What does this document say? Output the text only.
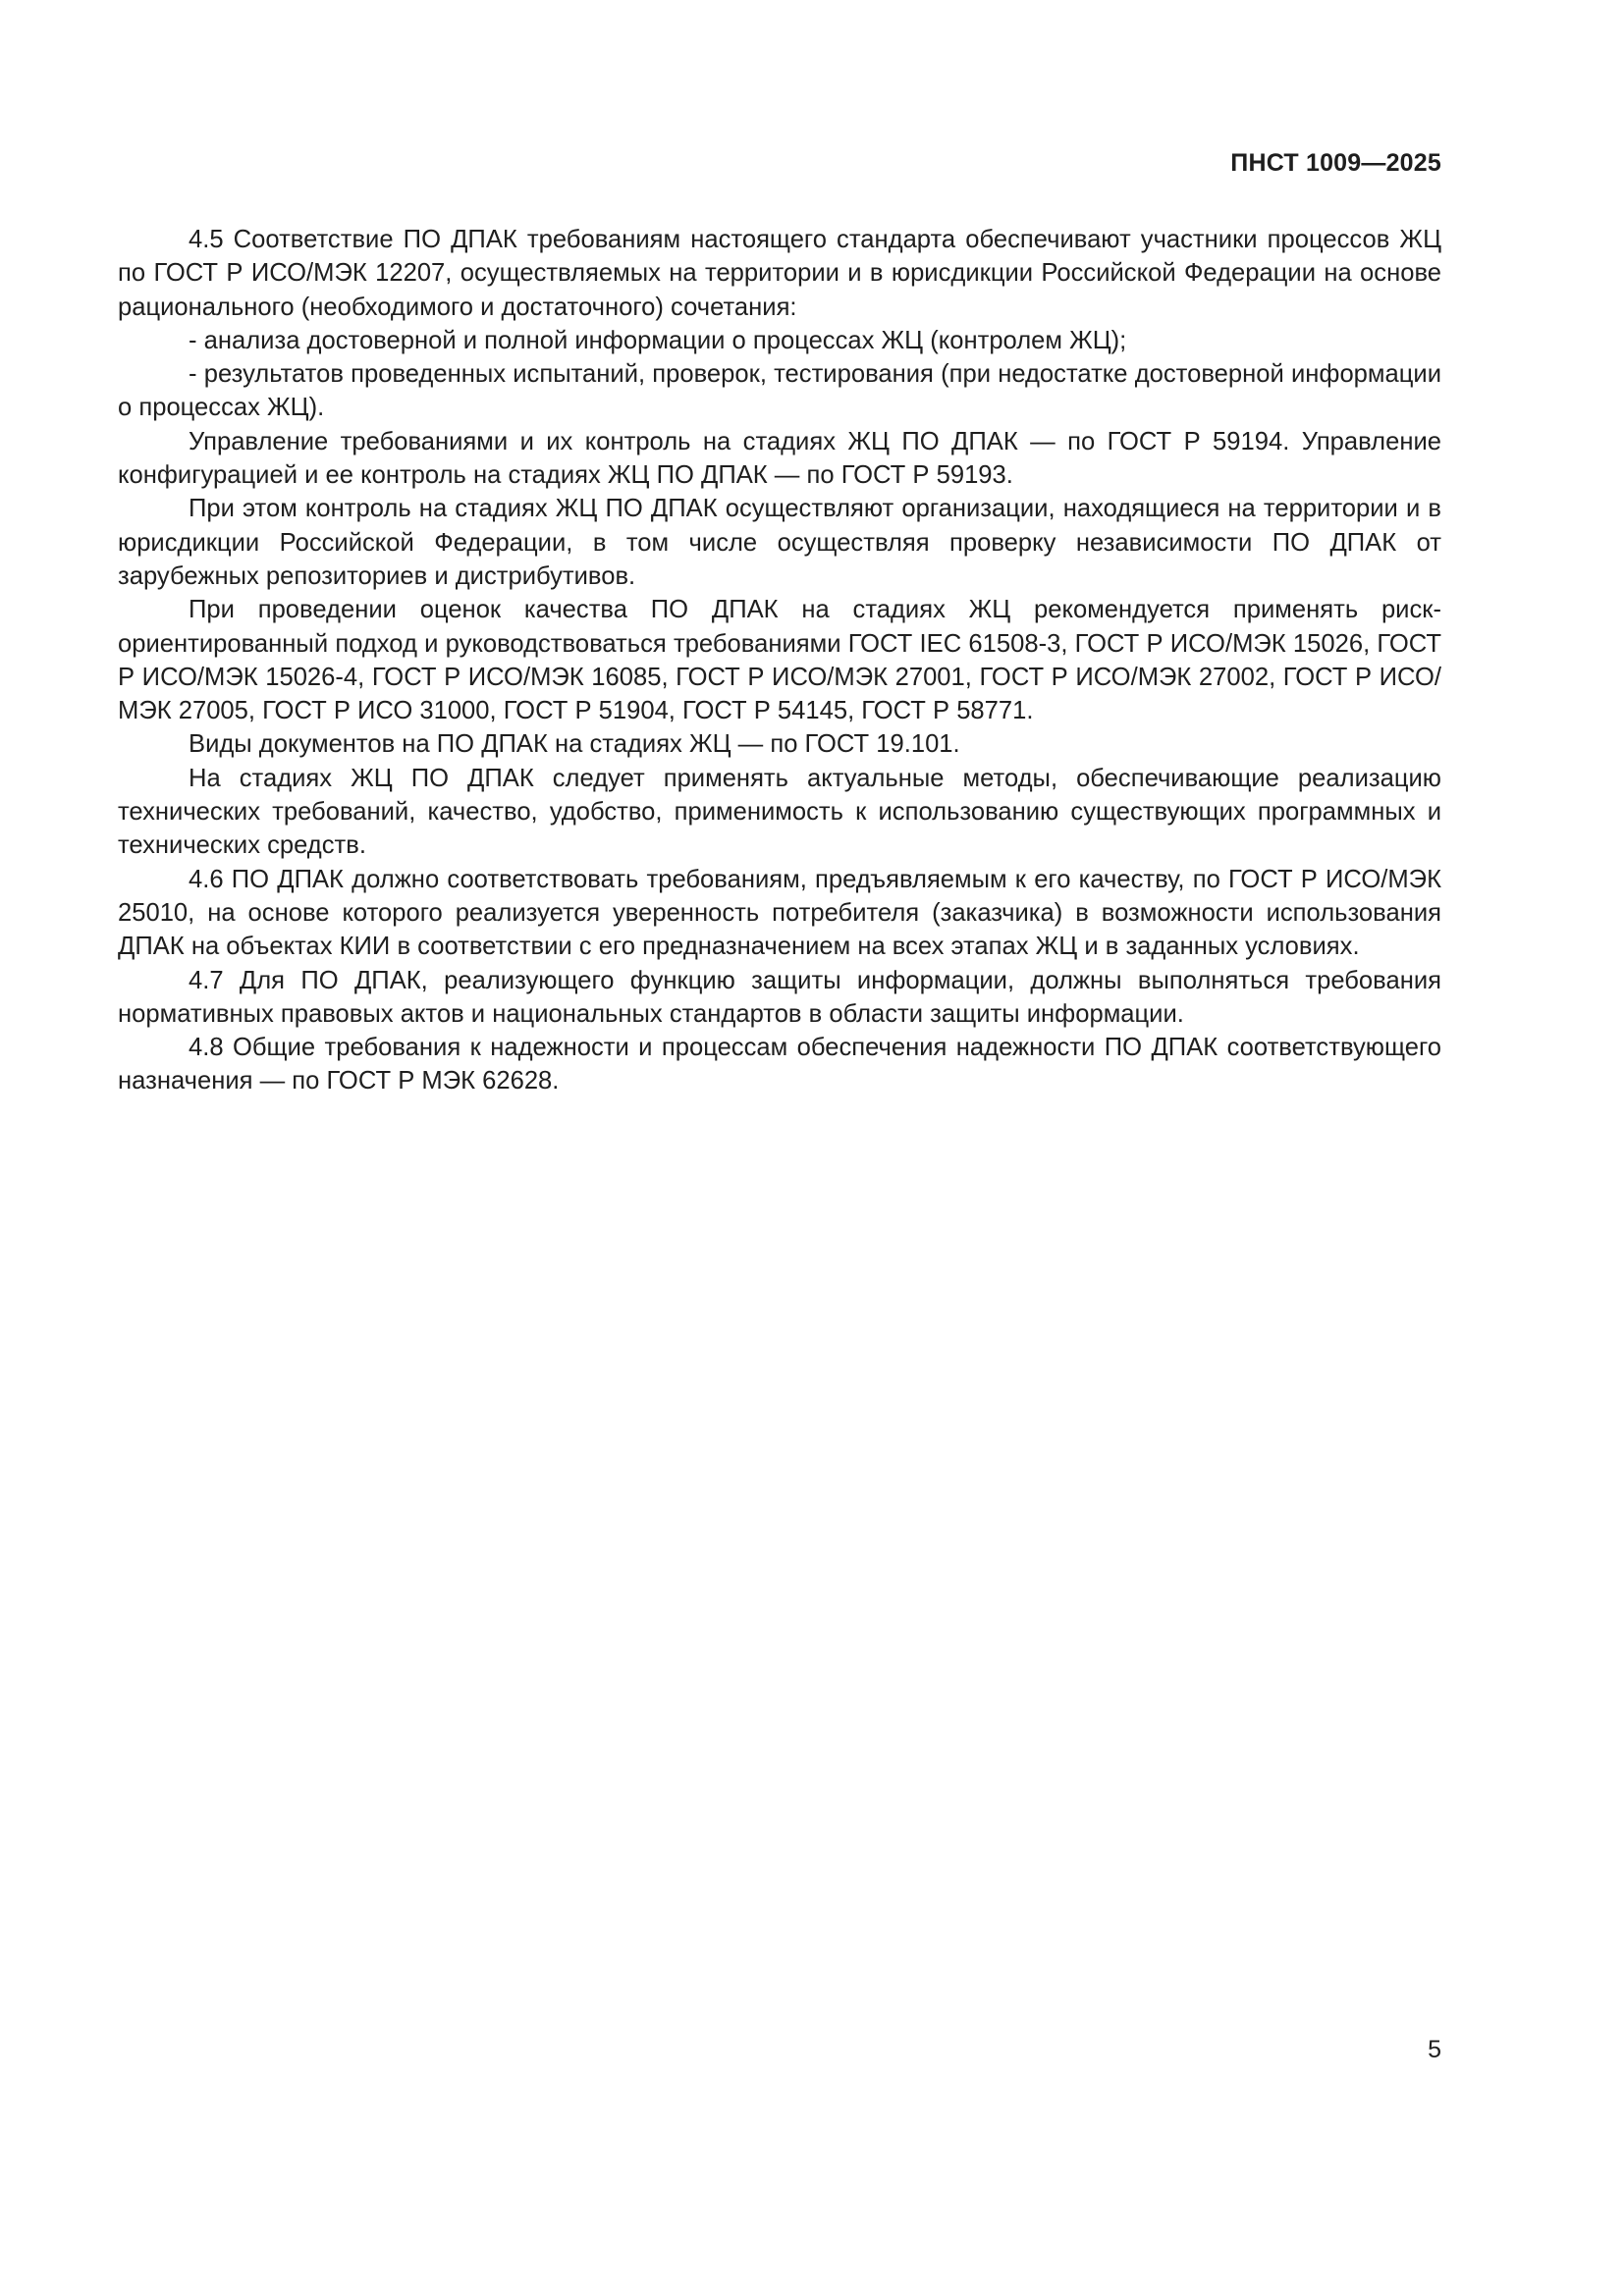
ПНСТ 1009—2025

4.5 Соответствие ПО ДПАК требованиям настоящего стандарта обеспечивают участники процессов ЖЦ по ГОСТ Р ИСО/МЭК 12207, осуществляемых на территории и в юрисдикции Российской Федерации на основе рационального (необходимого и достаточного) сочетания:

- анализа достоверной и полной информации о процессах ЖЦ (контролем ЖЦ);

- результатов проведенных испытаний, проверок, тестирования (при недостатке достоверной информации о процессах ЖЦ).

Управление требованиями и их контроль на стадиях ЖЦ ПО ДПАК — по ГОСТ Р 59194. Управление конфигурацией и ее контроль на стадиях ЖЦ ПО ДПАК — по ГОСТ Р 59193.

При этом контроль на стадиях ЖЦ ПО ДПАК осуществляют организации, находящиеся на территории и в юрисдикции Российской Федерации, в том числе осуществляя проверку независимости ПО ДПАК от зарубежных репозиториев и дистрибутивов.

При проведении оценок качества ПО ДПАК на стадиях ЖЦ рекомендуется применять риск-ориентированный подход и руководствоваться требованиями ГОСТ IEC 61508-3, ГОСТ Р ИСО/МЭК 15026, ГОСТ Р ИСО/МЭК 15026-4, ГОСТ Р ИСО/МЭК 16085, ГОСТ Р ИСО/МЭК 27001, ГОСТ Р ИСО/МЭК 27002, ГОСТ Р ИСО/МЭК 27005, ГОСТ Р ИСО 31000, ГОСТ Р 51904, ГОСТ Р 54145, ГОСТ Р 58771.

Виды документов на ПО ДПАК на стадиях ЖЦ — по ГОСТ 19.101.

На стадиях ЖЦ ПО ДПАК следует применять актуальные методы, обеспечивающие реализацию технических требований, качество, удобство, применимость к использованию существующих программных и технических средств.

4.6 ПО ДПАК должно соответствовать требованиям, предъявляемым к его качеству, по ГОСТ Р ИСО/МЭК 25010, на основе которого реализуется уверенность потребителя (заказчика) в возможности использования ДПАК на объектах КИИ в соответствии с его предназначением на всех этапах ЖЦ и в заданных условиях.

4.7 Для ПО ДПАК, реализующего функцию защиты информации, должны выполняться требования нормативных правовых актов и национальных стандартов в области защиты информации.

4.8 Общие требования к надежности и процессам обеспечения надежности ПО ДПАК соответствующего назначения — по ГОСТ Р МЭК 62628.

5
